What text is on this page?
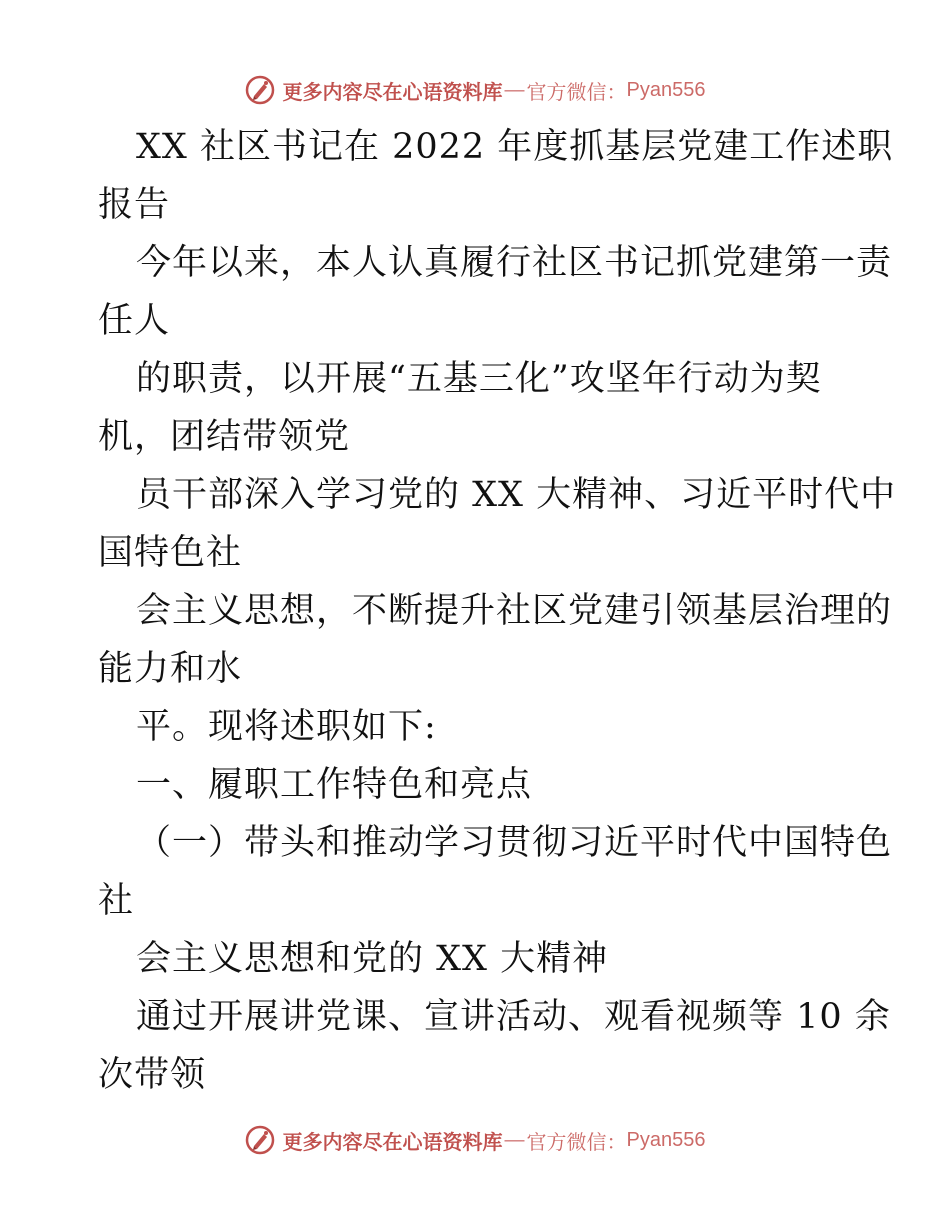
更多内容尽在心语资料库 — 官方微信： Pyan556
XX 社区书记在 2022 年度抓基层党建工作述职
报告
今年以来，本人认真履行社区书记抓党建第一责
任人
的职责，以开展“五基三化”攻坚年行动为契
机，团结带领党
员干部深入学习党的 XX 大精神、习近平时代中
国特色社
会主义思想，不断提升社区党建引领基层治理的
能力和水
平。现将述职如下:
一、履职工作特色和亮点
（一）带头和推动学习贯彻习近平时代中国特色
社
会主义思想和党的 XX 大精神
通过开展讲党课、宣讲活动、观看视频等 10 余
次带领
更多内容尽在心语资料库 — 官方微信： Pyan556
